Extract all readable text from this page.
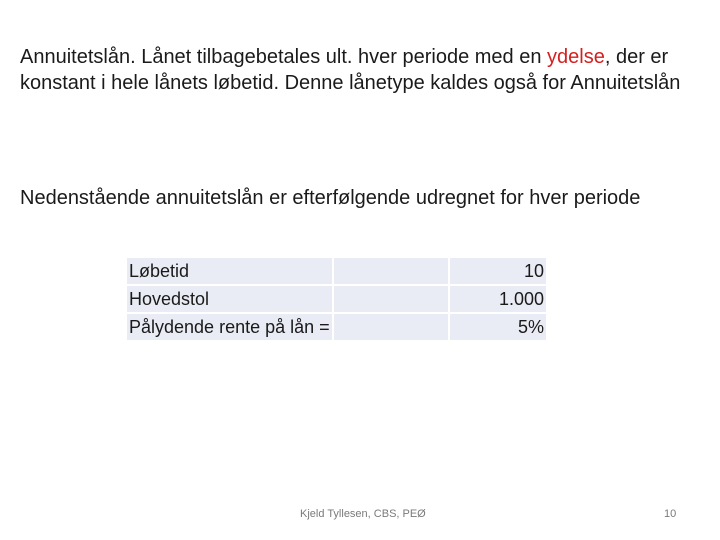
Annuitetslån. Lånet tilbagebetales ult. hver periode med en ydelse, der er konstant i hele lånets løbetid. Denne lånetype kaldes også for Annuitetslån

Nedenstående annuitetslån er efterfølgende udregnet for hver periode

Løbetid	10
Hovedstol	1.000
Pålydende rente på lån =	5%
Kjeld Tyllesen, CBS, PEØ	10
